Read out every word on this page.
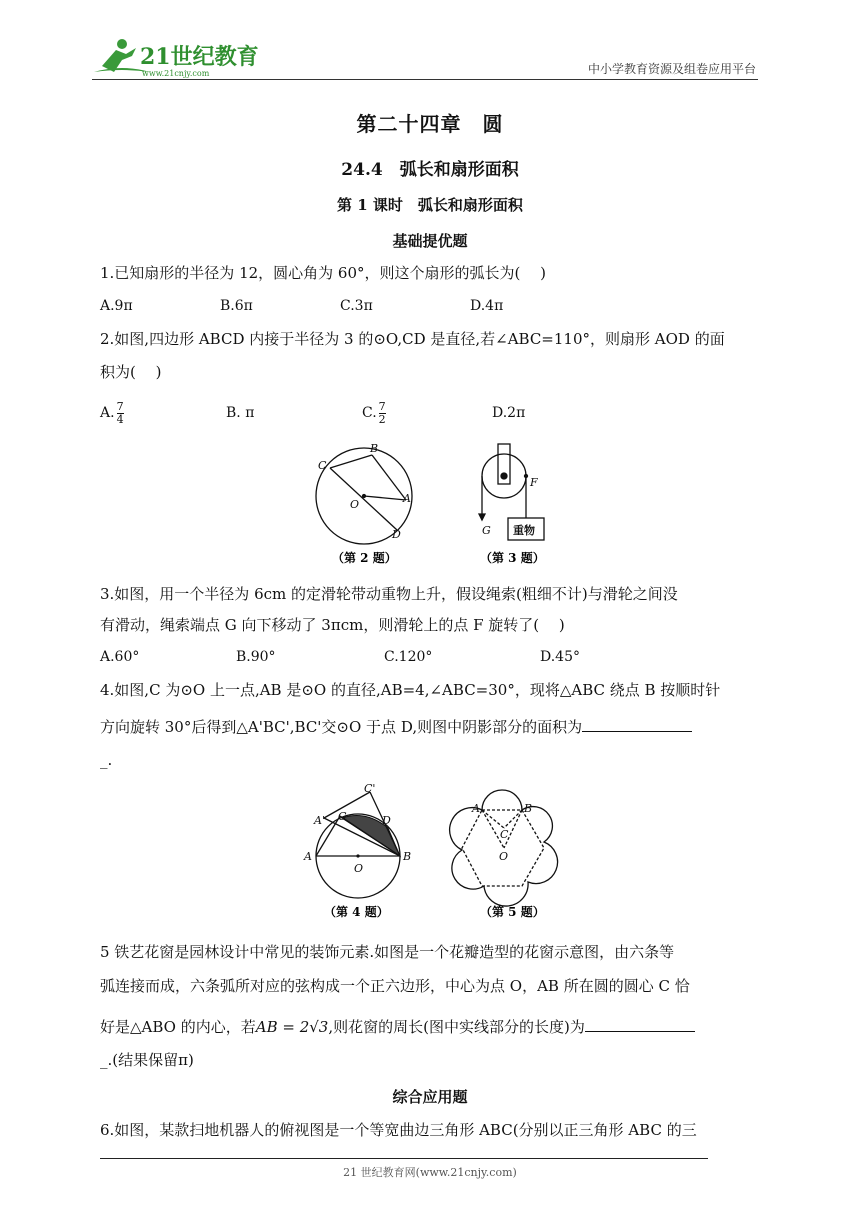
21世纪教育
www.21cnjy.com	中小学教育资源及组卷应用平台
第二十四章　圆
24.4　弧长和扇形面积
第 1 课时　弧长和扇形面积
基础提优题
1.已知扇形的半径为 12，圆心角为 60°，则这个扇形的弧长为(　 )
A.9π	B.6π	C.3π	D.4π
2.如图,四边形 ABCD 内接于半径为 3 的⊙O,CD 是直径,若∠ABC=110°，则扇形 AOD 的面
积为(　 )
A. $\frac{7}{4}$	B. π	C. $\frac{7}{2}$	D.2π
C
B
O	A
D
（第 2 题）
G
F
重物
（第 3 题）
3.如图，用一个半径为 6cm 的定滑轮带动重物上升，假设绳索(粗细不计)与滑轮之间没
有滑动，绳索端点 G 向下移动了 3πcm，则滑轮上的点 F 旋转了(　 )
A.60°	B.90°	C.120°	D.45°
4.如图,C 为⊙O 上一点,AB 是⊙O 的直径,AB=4,∠ABC=30°，现将△ABC 绕点 B 按顺时针
方向旋转 30°后得到△A'BC',BC'交⊙O 于点 D,则图中阴影部分的面积为
_.
C'
A' C	D
A	B
O
（第 4 题）
A	B
C
O
（第 5 题）
5 铁艺花窗是园林设计中常见的装饰元素.如图是一个花瓣造型的花窗示意图，由六条等
弧连接而成，六条弧所对应的弦构成一个正六边形，中心为点 O，AB 所在圆的圆心 C 恰
好是△ABO 的内心，若AB = 2√3,则花窗的周长(图中实线部分的长度)为
_.(结果保留π)
综合应用题
6.如图，某款扫地机器人的俯视图是一个等宽曲边三角形 ABC(分别以正三角形 ABC 的三
21 世纪教育网(www.21cnjy.com)
